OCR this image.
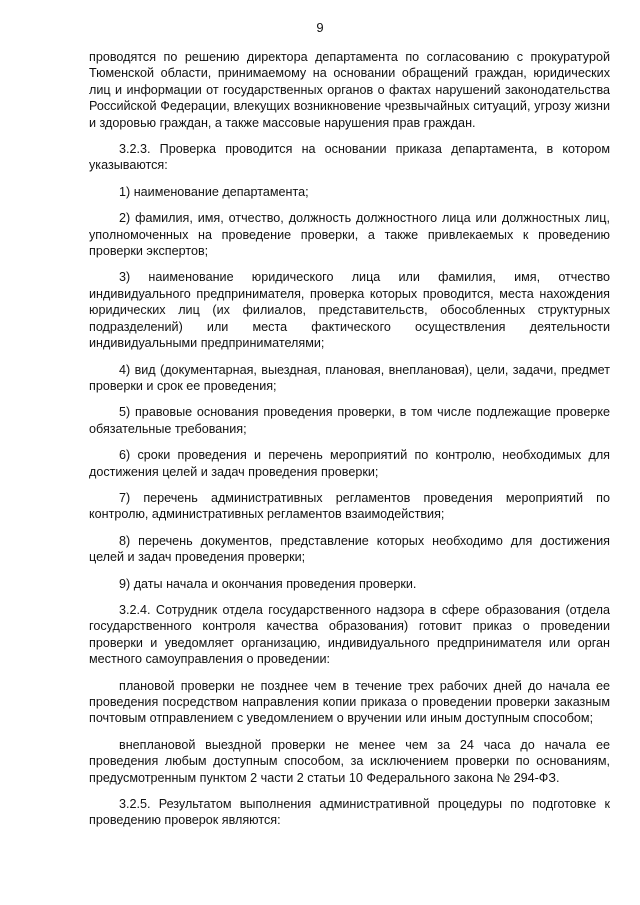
9

проводятся по решению директора департамента по согласованию с прокуратурой Тюменской области, принимаемому на основании обращений граждан, юридических лиц и информации от государственных органов о фактах нарушений законодательства Российской Федерации, влекущих возникновение чрезвычайных ситуаций, угрозу жизни и здоровью граждан, а также массовые нарушения прав граждан.

3.2.3. Проверка проводится на основании приказа департамента, в котором указываются:

1) наименование департамента;

2) фамилия, имя, отчество, должность должностного лица или должностных лиц, уполномоченных на проведение проверки, а также привлекаемых к проведению проверки экспертов;

3) наименование юридического лица или фамилия, имя, отчество индивидуального предпринимателя, проверка которых проводится, места нахождения юридических лиц (их филиалов, представительств, обособленных структурных подразделений) или места фактического осуществления деятельности индивидуальными предпринимателями;

4) вид (документарная, выездная, плановая, внеплановая), цели, задачи, предмет проверки и срок ее проведения;

5) правовые основания проведения проверки, в том числе подлежащие проверке обязательные требования;

6) сроки проведения и перечень мероприятий по контролю, необходимых для достижения целей и задач проведения проверки;

7) перечень административных регламентов проведения мероприятий по контролю, административных регламентов взаимодействия;

8) перечень документов, представление которых необходимо для достижения целей и задач проведения проверки;

9) даты начала и окончания проведения проверки.

3.2.4. Сотрудник отдела государственного надзора в сфере образования (отдела государственного контроля качества образования) готовит приказ о проведении проверки и уведомляет организацию, индивидуального предпринимателя или орган местного самоуправления о проведении:

плановой проверки не позднее чем в течение трех рабочих дней до начала ее проведения посредством направления копии приказа о проведении проверки заказным почтовым отправлением с уведомлением о вручении или иным доступным способом;

внеплановой выездной проверки не менее чем за 24 часа до начала ее проведения любым доступным способом, за исключением проверки по основаниям, предусмотренным пунктом 2 части 2 статьи 10 Федерального закона № 294-ФЗ.

3.2.5. Результатом выполнения административной процедуры по подготовке к проведению проверок являются:
